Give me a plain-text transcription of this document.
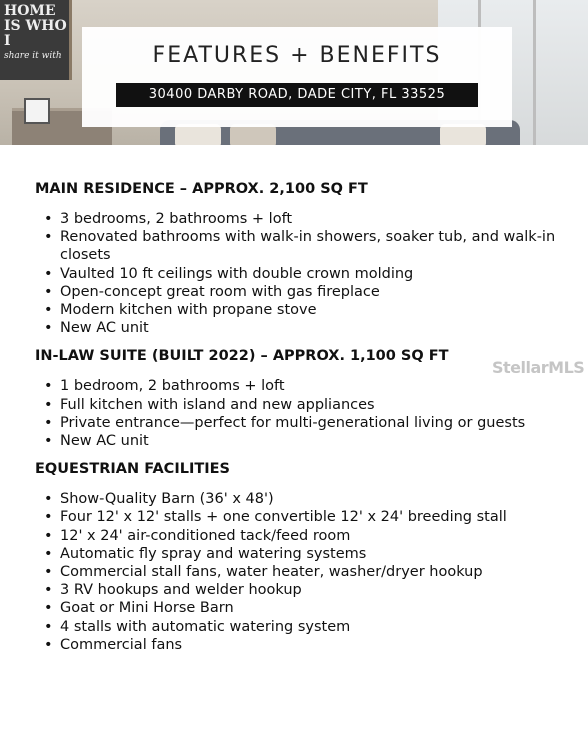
HOME
IS WHO I
share it with	FEATURES + BENEFITS
30400 DARBY ROAD, DADE CITY, FL 33525
MAIN RESIDENCE – APPROX. 2,100 SQ FT
• 3 bedrooms, 2 bathrooms + loft
• Renovated bathrooms with walk-in showers, soaker tub, and walk-in closets
• Vaulted 10 ft ceilings with double crown molding
• Open-concept great room with gas fireplace
• Modern kitchen with propane stove
• New AC unit
IN-LAW SUITE (BUILT 2022) – APPROX. 1,100 SQ FT
• 1 bedroom, 2 bathrooms + loft
• Full kitchen with island and new appliances
• Private entrance—perfect for multi-generational living or guests
• New AC unit
EQUESTRIAN FACILITIES
• Show-Quality Barn (36' x 48')
• Four 12' x 12' stalls + one convertible 12' x 24' breeding stall
• 12' x 24' air-conditioned tack/feed room
• Automatic fly spray and watering systems
• Commercial stall fans, water heater, washer/dryer hookup
• 3 RV hookups and welder hookup
• Goat or Mini Horse Barn
• 4 stalls with automatic watering system
• Commercial fans
StellarMLS
